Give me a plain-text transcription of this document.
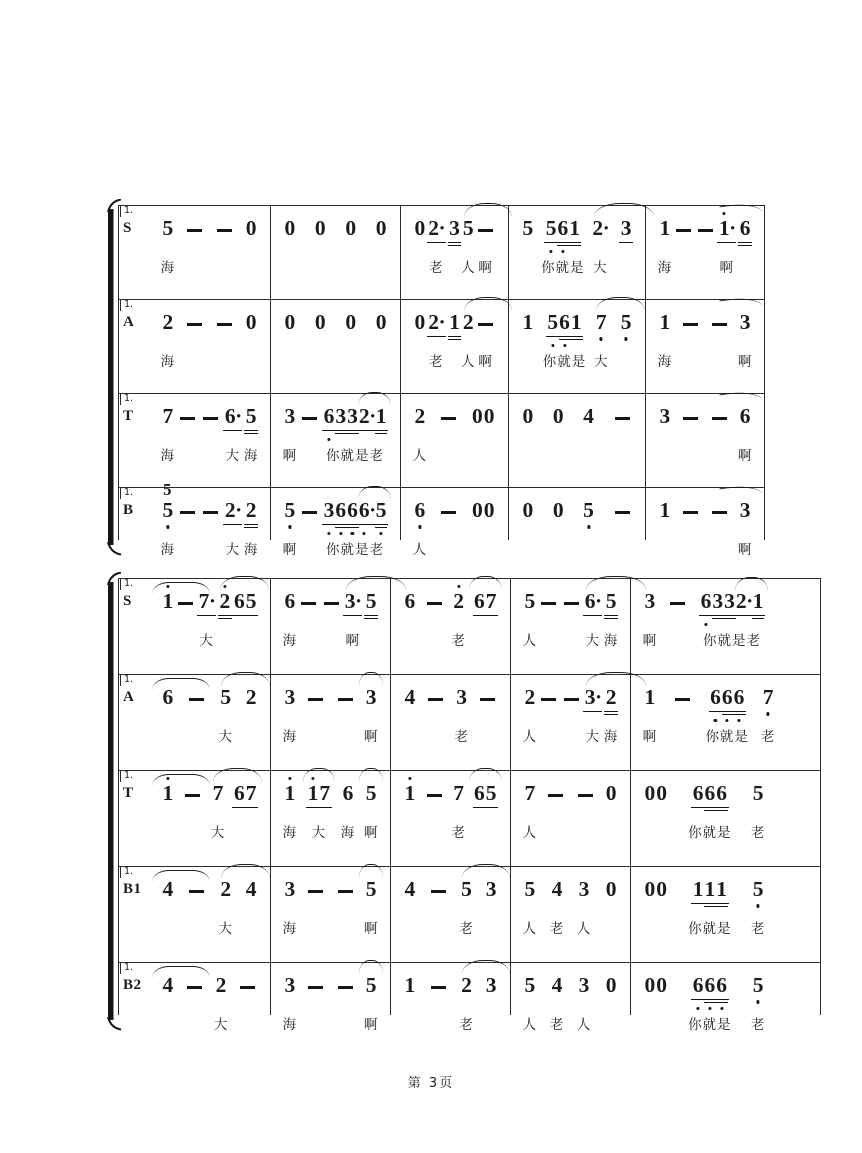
1.
S 5
海
0 0 0 0 0 0 2 ·
老
3 5
人 啊
5 5 6 1
你就是
2 ·
大
3 1
海
1 ·
啊
6
1.
A 2
海
0 0 0 0 0 0 2 ·
老
1 2
人 啊
1 5 6 1
你就是
7
大
5 1
海
3
啊
1.
T 7
海
6 ·
大
5
海
3
啊
6 3 3 2 · 1
你就是老
2
人
0 0 0 0 4	3	6
啊
1.
B 5
5
海
2 ·
大
2
海
5
啊
3 6 6 6 · 5
你就是老
6
人
0 0 0 0 5	1	3
啊
1.
S 1 7 ·
大
2 6 5 6
海
3 ·
啊
5 6 2
老
6 7 5
人
6 ·
大
5
海
3
啊
6 3 3 2 · 1
你就是老
1.
A 6 5
大
2 3
海
3
啊
4 3
老
2
人
3 ·
大
2
海
1
啊
6 6 6
你就是
7
老
1.
T 1 7
大
6 7 1
海
1 7
大
6
海
5
啊
1 7
老
6 5 7
人
0 0 0 6 6 6
你就是
5
老
1.
B1 4 2
大
4 3
海
5
啊
4 5
老
3 5
人
4
老
3
人
0 0 0 1 1 1
你就是
5
老
1.
B2 4 2
大
3
海
5
啊
1 2
老
3 5
人
4
老
3
人
0 0 0 6 6 6
你就是
5
老
第 3页
